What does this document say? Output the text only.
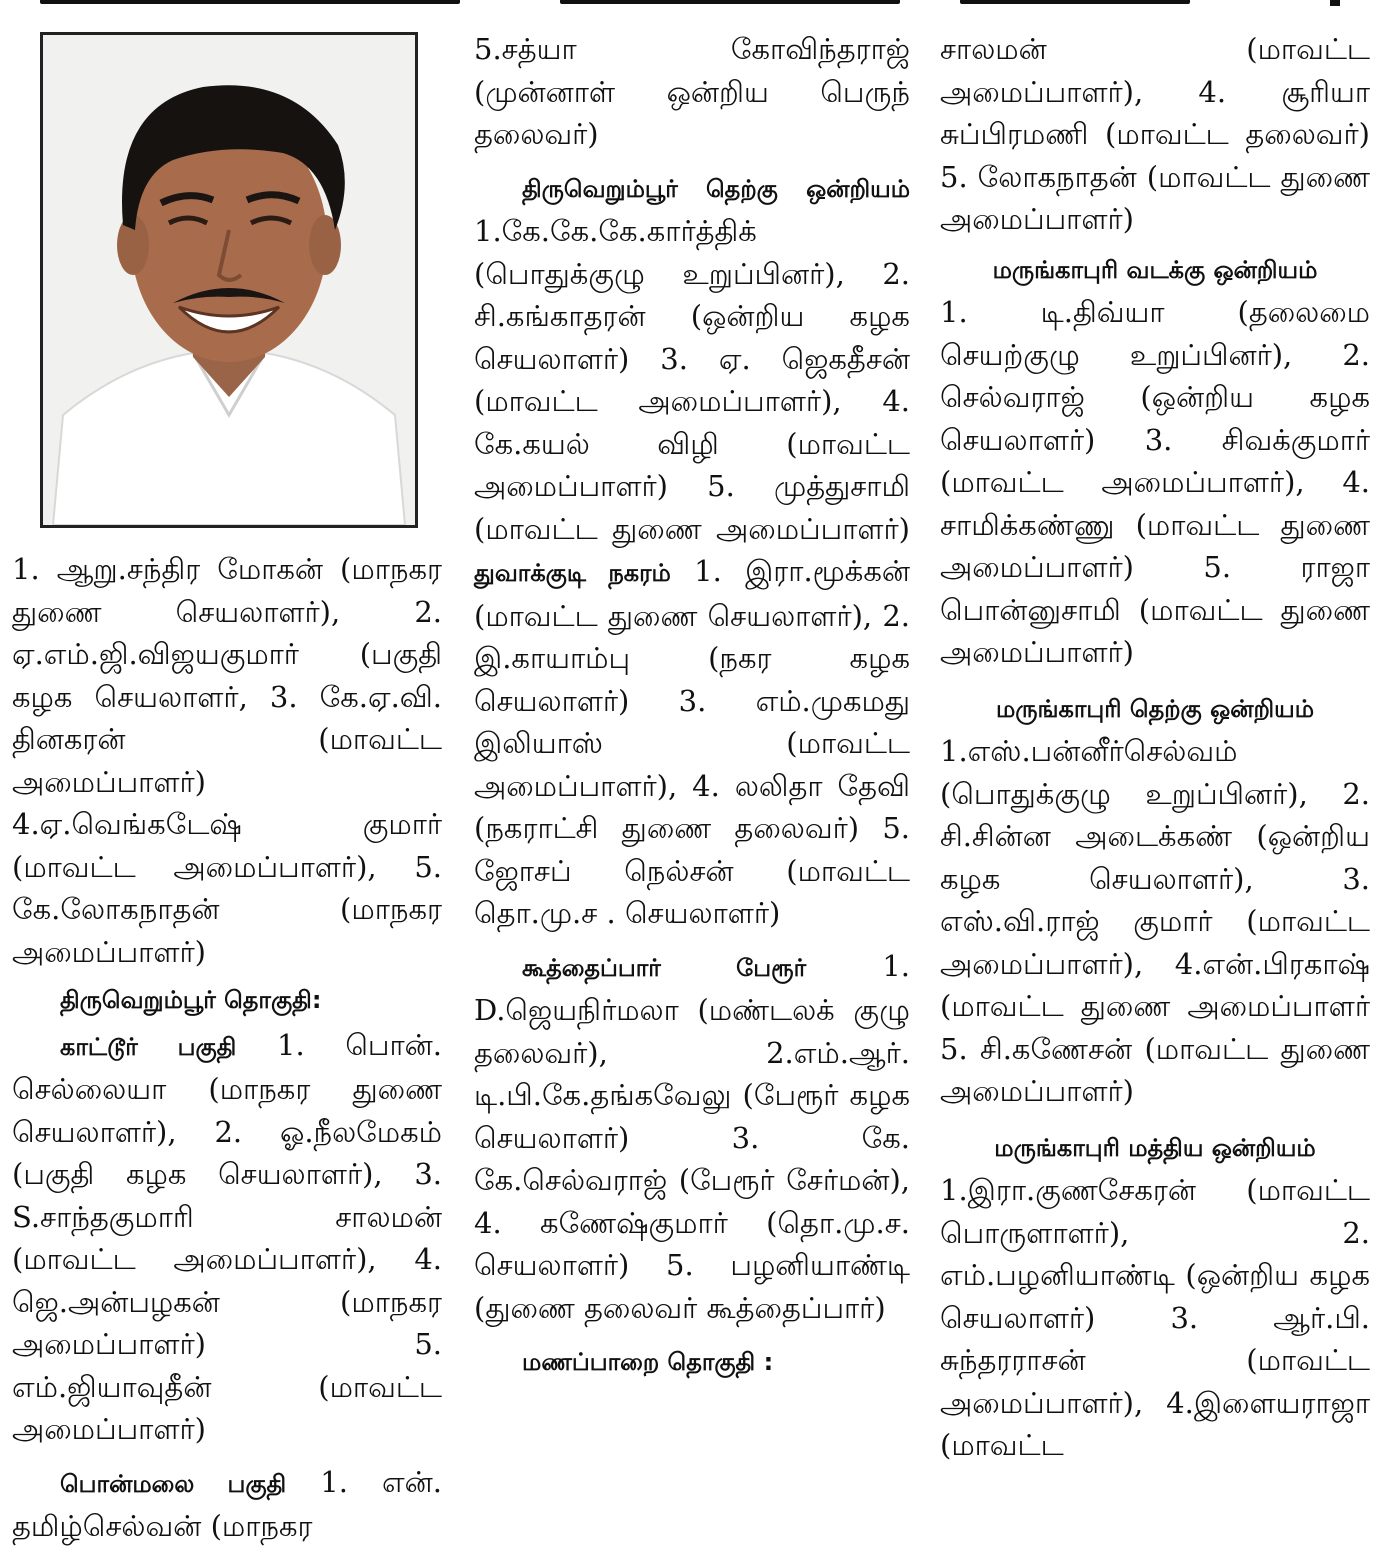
1. ஆறு.சந்திர மோகன் (மாநகர துணை செயலாளர்), 2. ஏ.எம்.ஜி.விஜயகுமார் (பகுதி கழக செயலாளர், 3. கே.ஏ.வி. தினகரன் (மாவட்ட அமைப்பாளர்) 4.ஏ.வெங்கடேஷ் குமார் (மாவட்ட அமைப்பாளர்), 5. கே.லோகநாதன் (மாநகர அமைப்பாளர்)

திருவெறும்பூர் தொகுதி:

காட்டூர் பகுதி 1. பொன். செல்லையா (மாநகர துணை செயலாளர்), 2. ஓ.நீலமேகம் (பகுதி கழக செயலாளர்), 3. S.சாந்தகுமாரி சாலமன் (மாவட்ட அமைப்பாளர்), 4. ஜெ.அன்பழகன் (மாநகர அமைப்பாளர்) 5. எம்.ஜியாவுதீன் (மாவட்ட அமைப்பாளர்)

பொன்மலை பகுதி 1. என். தமிழ்செல்வன் (மாநகர

5.சத்யா கோவிந்தராஜ் (முன்னாள் ஒன்றிய பெருந் தலைவர்)

திருவெறும்பூர் தெற்கு ஒன்றியம் 1.கே.கே.கே.கார்த்திக் (பொதுக்குழு உறுப்பினர்), 2. சி.கங்காதரன் (ஒன்றிய கழக செயலாளர்) 3. ஏ. ஜெகதீசன் (மாவட்ட அமைப்பாளர்), 4. கே.கயல் விழி (மாவட்ட அமைப்பாளர்) 5. முத்துசாமி (மாவட்ட துணை அமைப்பாளர்) துவாக்குடி நகரம் 1. இரா.மூக்கன் (மாவட்ட துணை செயலாளர்), 2. இ.காயாம்பு (நகர கழக செயலாளர்) 3. எம்.முகமது இலியாஸ் (மாவட்ட அமைப்பாளர்), 4. லலிதா தேவி (நகராட்சி துணை தலைவர்) 5. ஜோசப் நெல்சன் (மாவட்ட தொ.மு.ச . செயலாளர்)

கூத்தைப்பார் பேரூர் 1. D.ஜெயநிர்மலா (மண்டலக் குழு தலைவர்), 2.எம்.ஆர். டி.பி.கே.தங்கவேலு (பேரூர் கழக செயலாளர்) 3. கே. கே.செல்வராஜ் (பேரூர் சேர்மன்), 4. கணேஷ்குமார் (தொ.மு.ச. செயலாளர்) 5. பழனியாண்டி (துணை தலைவர் கூத்தைப்பார்)

மணப்பாறை தொகுதி :

சாலமன் (மாவட்ட அமைப்பாளர்), 4. சூரியா சுப்பிரமணி (மாவட்ட தலைவர்) 5. லோகநாதன் (மாவட்ட துணை அமைப்பாளர்)

மருங்காபுரி வடக்கு ஒன்றியம்

1. டி.திவ்யா (தலைமை செயற்குழு உறுப்பினர்), 2. செல்வராஜ் (ஒன்றிய கழக செயலாளர்) 3. சிவக்குமார் (மாவட்ட அமைப்பாளர்), 4. சாமிக்கண்ணு (மாவட்ட துணை அமைப்பாளர்) 5. ராஜா பொன்னுசாமி (மாவட்ட துணை அமைப்பாளர்)

மருங்காபுரி தெற்கு ஒன்றியம்

1.எஸ்.பன்னீர்செல்வம் (பொதுக்குழு உறுப்பினர்), 2. சி.சின்ன அடைக்கண் (ஒன்றிய கழக செயலாளர்), 3. எஸ்.வி.ராஜ் குமார் (மாவட்ட அமைப்பாளர்), 4.என்.பிரகாஷ் (மாவட்ட துணை அமைப்பாளர் 5. சி.கணேசன் (மாவட்ட துணை அமைப்பாளர்)

மருங்காபுரி மத்திய ஒன்றியம்

1.இரா.குணசேகரன் (மாவட்ட பொருளாளர்), 2. எம்.பழனியாண்டி (ஒன்றிய கழக செயலாளர்) 3. ஆர்.பி. சுந்தரராசன் (மாவட்ட அமைப்பாளர்), 4.இளையராஜா (மாவட்ட
